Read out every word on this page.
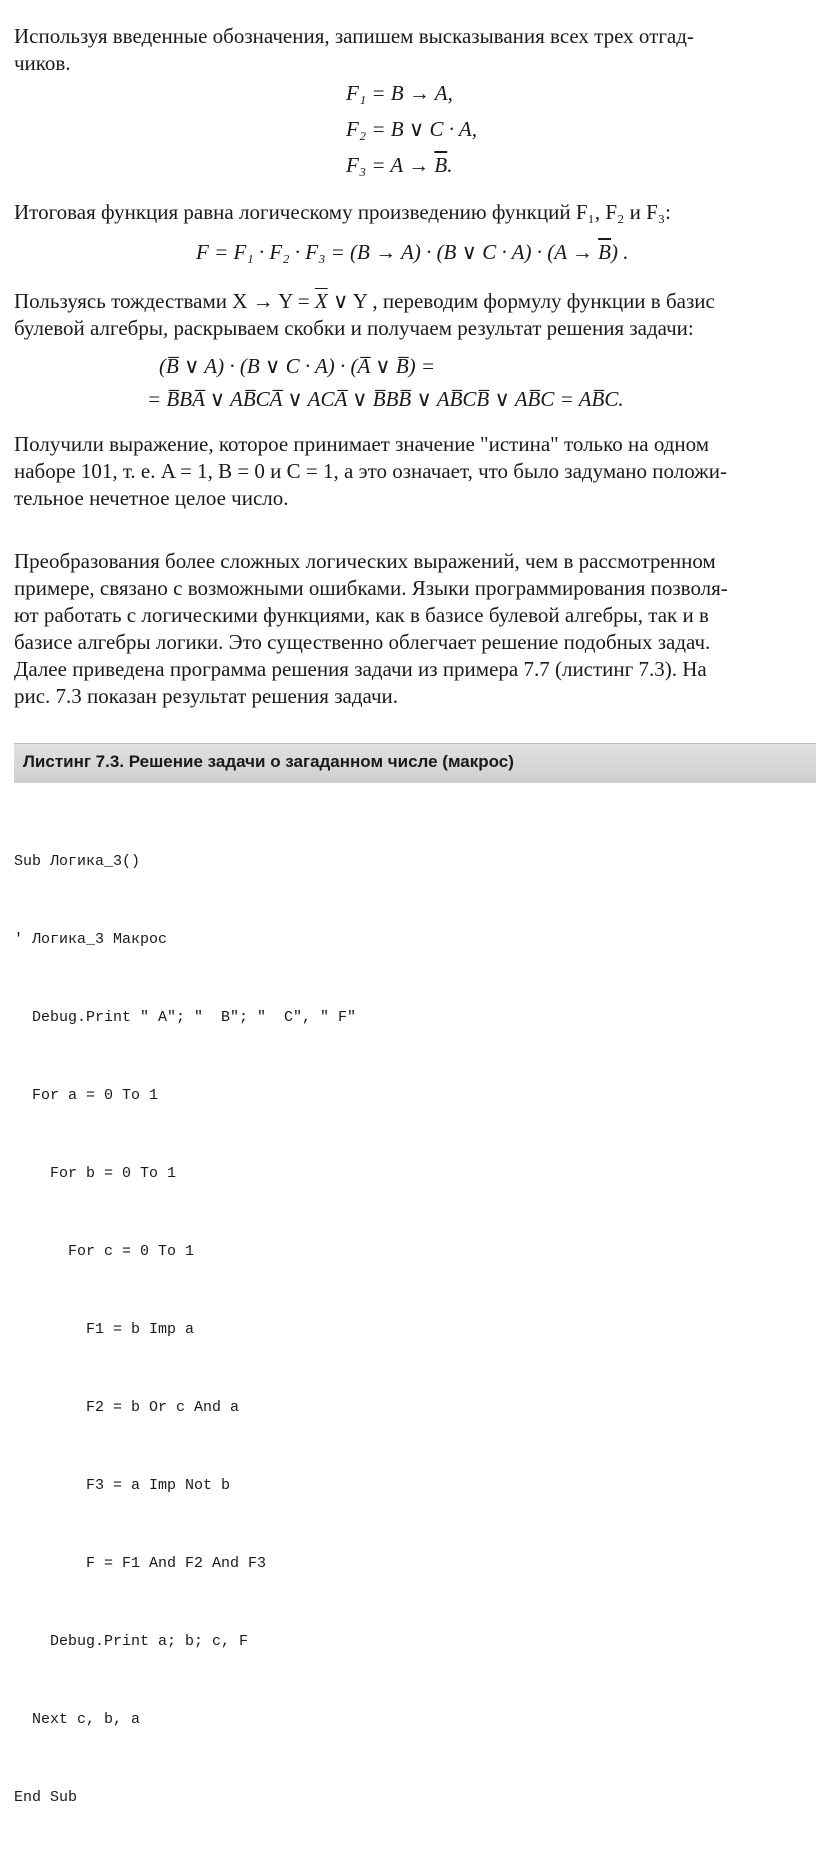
Используя введенные обозначения, запишем высказывания всех трех отгад-
чиков.
F₁ = B → A,
F₂ = B ∨ C · A,
$F_3 = A \to \overline{B}$.
Итоговая функция равна логическому произведению функций F₁, F₂ и F₃:
F = F₁ · F₂ · F₃ = (B → A) · (B ∨ $C \cdot A) \cdot (A \to \overline{B})$ .
Пользуясь тождествами $X \to Y = \overline{X}$ ∨ Y , переводим формулу функции в базис
булевой алгебры, раскрываем скобки и получаем результат решения задачи:
(B̅ ∨ A) · (B ∨ C · A) · (A̅ ∨ B̅) =
= B̅BA̅ ∨ AB̅CA̅ ∨ ACA̅ ∨ B̅BB̅ ∨ AB̅CB̅ ∨ AB̅C = AB̅C.
Получили выражение, которое принимает значение "истина" только на одном
наборе 101, т. е. A = 1, B = 0 и C = 1, а это означает, что было задумано положи-
тельное нечетное целое число.
Преобразования более сложных логических выражений, чем в рассмотренном
примере, связано с возможными ошибками. Языки программирования позволя-
ют работать с логическими функциями, как в базисе булевой алгебры, так и в
базисе алгебры логики. Это существенно облегчает решение подобных задач.
Далее приведена программа решения задачи из примера 7.7 (листинг 7.3). На
рис. 7.3 показан результат решения задачи.
Листинг 7.3. Решение задачи о загаданном числе (макрос)

Sub Логика_3()

' Логика_3 Макрос

Debug.Print " A"; "  B"; "  C", " F"

For a = 0 To 1

For b = 0 To 1

For c = 0 To 1

F1 = b Imp a

F2 = b Or c And a

F3 = a Imp Not b

F = F1 And F2 And F3

Debug.Print a; b; c, F

Next c, b, a

End Sub
